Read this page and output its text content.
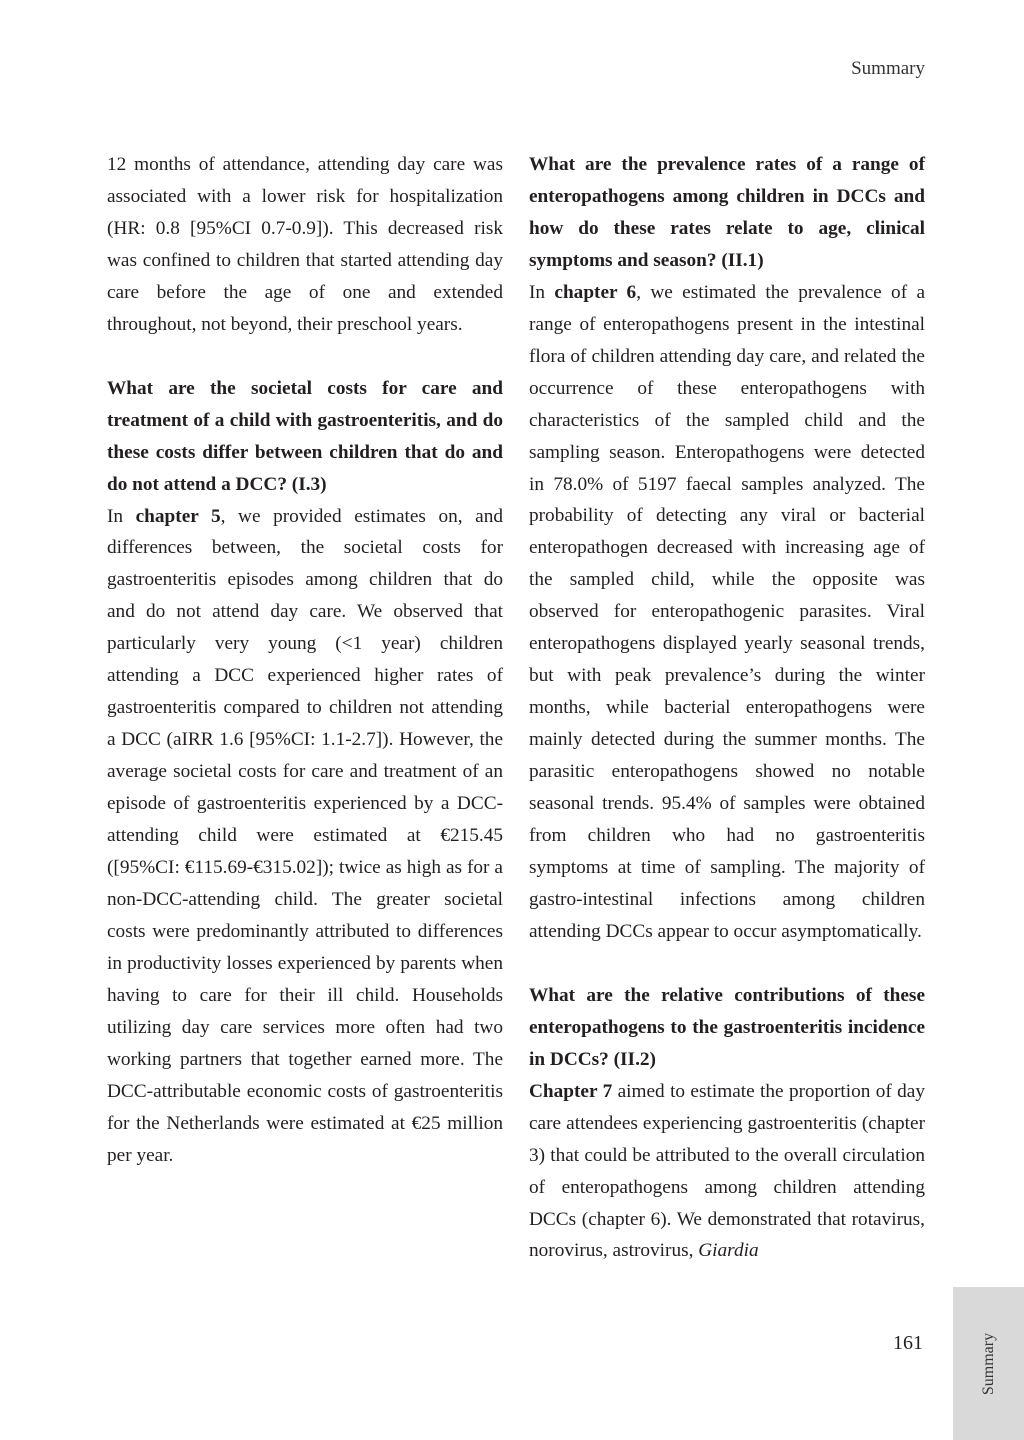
Summary

12 months of attendance, attending day care was associated with a lower risk for hospitalization (HR: 0.8 [95%CI 0.7-0.9]). This decreased risk was confined to children that started attending day care before the age of one and extended throughout, not beyond, their preschool years.

What are the societal costs for care and treatment of a child with gastroenteritis, and do these costs differ between children that do and do not attend a DCC? (I.3)

In chapter 5, we provided estimates on, and differences between, the societal costs for gastroenteritis episodes among children that do and do not attend day care. We observed that particularly very young (<1 year) children attending a DCC experienced higher rates of gastroenteritis compared to children not attending a DCC (aIRR 1.6 [95%CI: 1.1-2.7]). However, the average societal costs for care and treatment of an episode of gastroenteritis experienced by a DCC-attending child were estimated at €215.45 ([95%CI: €115.69-€315.02]); twice as high as for a non-DCC-attending child. The greater societal costs were predominantly attributed to differences in productivity losses experienced by parents when having to care for their ill child. Households utilizing day care services more often had two working partners that together earned more. The DCC-attributable economic costs of gastroenteritis for the Netherlands were estimated at €25 million per year.

What are the prevalence rates of a range of enteropathogens among children in DCCs and how do these rates relate to age, clinical symptoms and season? (II.1)

In chapter 6, we estimated the prevalence of a range of enteropathogens present in the intestinal flora of children attending day care, and related the occurrence of these enteropathogens with characteristics of the sampled child and the sampling season. Enteropathogens were detected in 78.0% of 5197 faecal samples analyzed. The probability of detecting any viral or bacterial enteropathogen decreased with increasing age of the sampled child, while the opposite was observed for enteropathogenic parasites. Viral enteropathogens displayed yearly seasonal trends, but with peak prevalence’s during the winter months, while bacterial enteropathogens were mainly detected during the summer months. The parasitic enteropathogens showed no notable seasonal trends. 95.4% of samples were obtained from children who had no gastroenteritis symptoms at time of sampling. The majority of gastro-intestinal infections among children attending DCCs appear to occur asymptomatically.

What are the relative contributions of these enteropathogens to the gastroenteritis incidence in DCCs? (II.2)

Chapter 7 aimed to estimate the proportion of day care attendees experiencing gastroenteritis (chapter 3) that could be attributed to the overall circulation of enteropathogens among children attending DCCs (chapter 6). We demonstrated that rotavirus, norovirus, astrovirus, Giardia

161	Summary
